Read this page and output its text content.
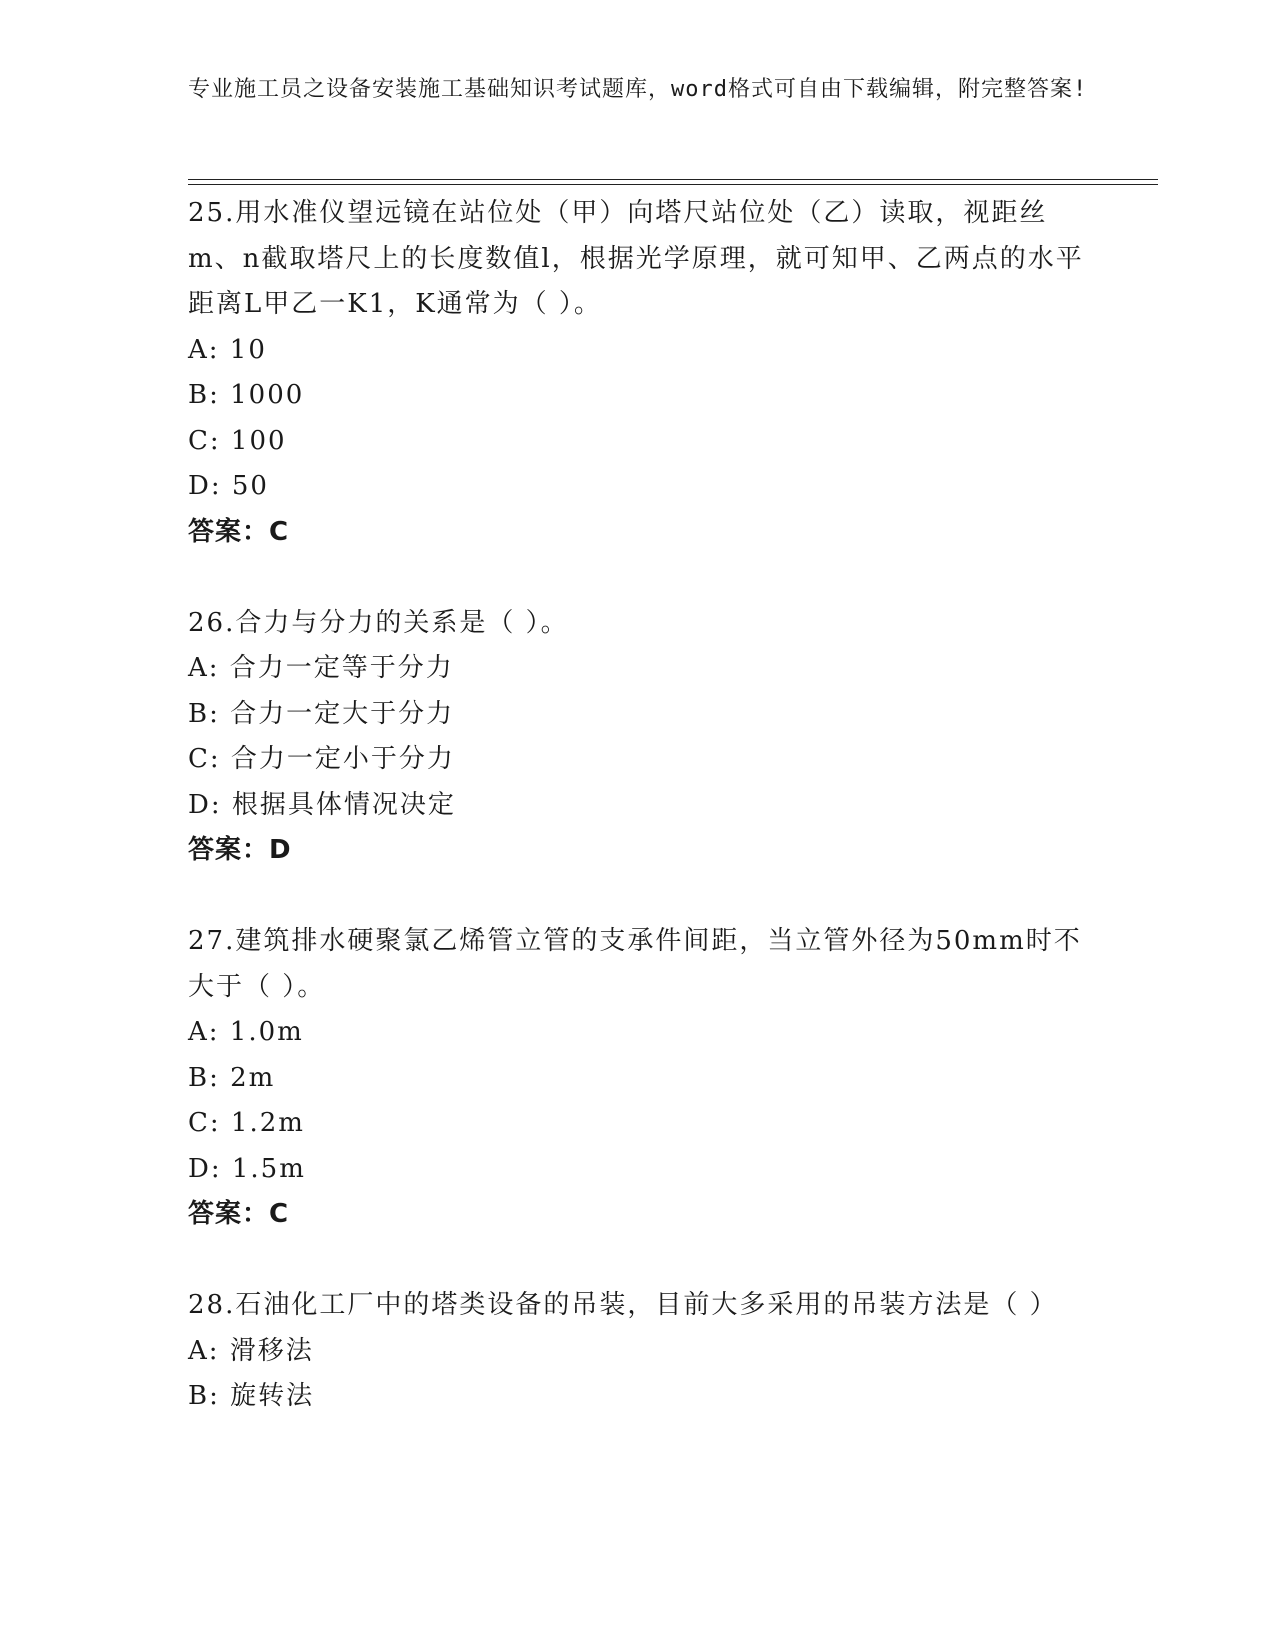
专业施工员之设备安装施工基础知识考试题库，word格式可自由下载编辑，附完整答案!

25.用水准仪望远镜在站位处（甲）向塔尺站位处（乙）读取，视距丝m、n截取塔尺上的长度数值l，根据光学原理，就可知甲、乙两点的水平距离L甲乙一K1，K通常为（ ）。

A: 10

B: 1000

C: 100

D: 50

答案：C

26.合力与分力的关系是（ ）。

A: 合力一定等于分力

B: 合力一定大于分力

C: 合力一定小于分力

D: 根据具体情况决定

答案：D

27.建筑排水硬聚氯乙烯管立管的支承件间距，当立管外径为50mm时不大于（ ）。

A: 1.0m

B: 2m

C: 1.2m

D: 1.5m

答案：C

28.石油化工厂中的塔类设备的吊装，目前大多采用的吊装方法是（ ）

A: 滑移法

B: 旋转法
